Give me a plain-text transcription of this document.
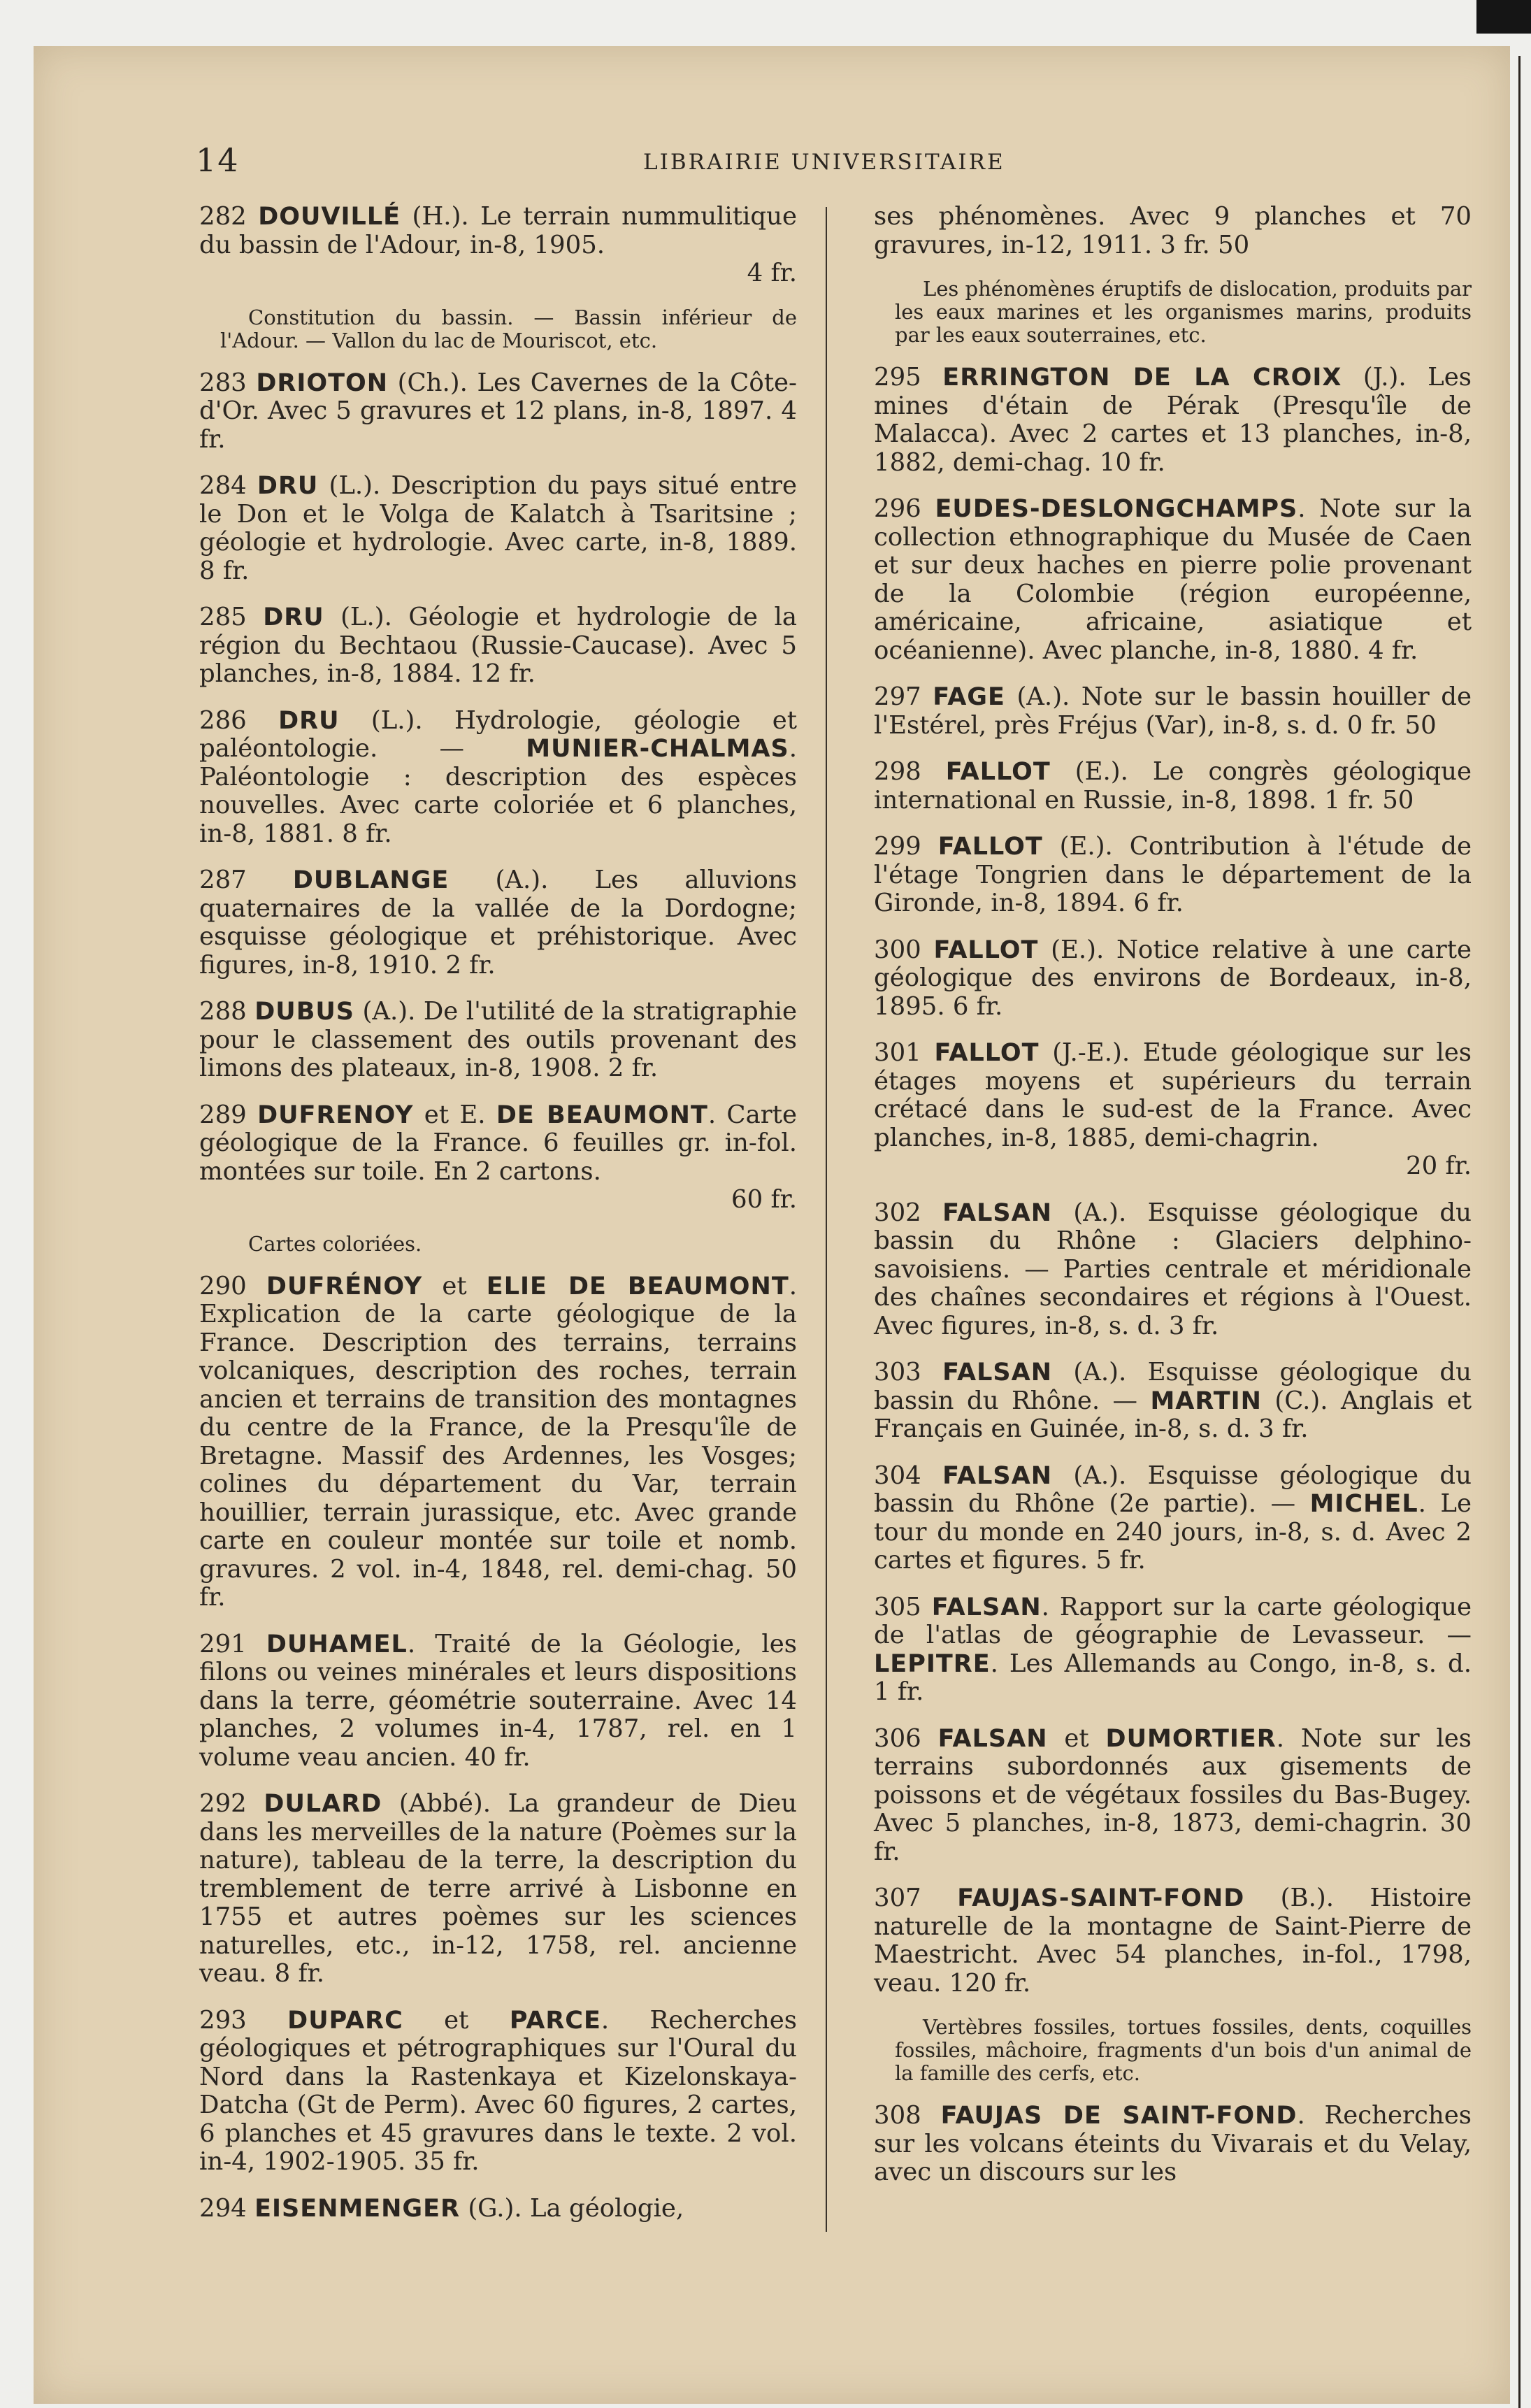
14	LIBRAIRIE UNIVERSITAIRE
282 DOUVILLÉ (H.). Le terrain nummulitique du bassin de l'Adour, in-8, 1905.
4 fr.
Constitution du bassin. — Bassin inférieur de l'Adour. — Vallon du lac de Mouriscot, etc.
283 DRIOTON (Ch.). Les Cavernes de la Côte-d'Or. Avec 5 gravures et 12 plans, in-8, 1897. 4 fr.
284 DRU (L.). Description du pays situé entre le Don et le Volga de Kalatch à Tsaritsine ; géologie et hydrologie. Avec carte, in-8, 1889. 8 fr.
285 DRU (L.). Géologie et hydrologie de la région du Bechtaou (Russie-Caucase). Avec 5 planches, in-8, 1884. 12 fr.
286 DRU (L.). Hydrologie, géologie et paléontologie. — MUNIER-CHALMAS. Paléontologie : description des espèces nouvelles. Avec carte coloriée et 6 planches, in-8, 1881. 8 fr.
287 DUBLANGE (A.). Les alluvions quaternaires de la vallée de la Dordogne; esquisse géologique et préhistorique. Avec figures, in-8, 1910. 2 fr.
288 DUBUS (A.). De l'utilité de la stratigraphie pour le classement des outils provenant des limons des plateaux, in-8, 1908. 2 fr.
289 DUFRENOY et E. DE BEAUMONT. Carte géologique de la France. 6 feuilles gr. in-fol. montées sur toile. En 2 cartons.
60 fr.
Cartes coloriées.
290 DUFRÉNOY et ELIE DE BEAUMONT. Explication de la carte géologique de la France. Description des terrains, terrains volcaniques, description des roches, terrain ancien et terrains de transition des montagnes du centre de la France, de la Presqu'île de Bretagne. Massif des Ardennes, les Vosges; colines du département du Var, terrain houillier, terrain jurassique, etc. Avec grande carte en couleur montée sur toile et nomb. gravures. 2 vol. in-4, 1848, rel. demi-chag. 50 fr.
291 DUHAMEL. Traité de la Géologie, les filons ou veines minérales et leurs dispositions dans la terre, géométrie souterraine. Avec 14 planches, 2 volumes in-4, 1787, rel. en 1 volume veau ancien. 40 fr.
292 DULARD (Abbé). La grandeur de Dieu dans les merveilles de la nature (Poèmes sur la nature), tableau de la terre, la description du tremblement de terre arrivé à Lisbonne en 1755 et autres poèmes sur les sciences naturelles, etc., in-12, 1758, rel. ancienne veau. 8 fr.
293 DUPARC et PARCE. Recherches géologiques et pétrographiques sur l'Oural du Nord dans la Rastenkaya et Kizelonskaya-Datcha (Gt de Perm). Avec 60 figures, 2 cartes, 6 planches et 45 gravures dans le texte. 2 vol. in-4, 1902-1905. 35 fr.
294 EISENMENGER (G.). La géologie,
ses phénomènes. Avec 9 planches et 70 gravures, in-12, 1911. 3 fr. 50
Les phénomènes éruptifs de dislocation, produits par les eaux marines et les organismes marins, produits par les eaux souterraines, etc.
295 ERRINGTON DE LA CROIX (J.). Les mines d'étain de Pérak (Presqu'île de Malacca). Avec 2 cartes et 13 planches, in-8, 1882, demi-chag. 10 fr.
296 EUDES-DESLONGCHAMPS. Note sur la collection ethnographique du Musée de Caen et sur deux haches en pierre polie provenant de la Colombie (région européenne, américaine, africaine, asiatique et océanienne). Avec planche, in-8, 1880. 4 fr.
297 FAGE (A.). Note sur le bassin houiller de l'Estérel, près Fréjus (Var), in-8, s. d. 0 fr. 50
298 FALLOT (E.). Le congrès géologique international en Russie, in-8, 1898. 1 fr. 50
299 FALLOT (E.). Contribution à l'étude de l'étage Tongrien dans le département de la Gironde, in-8, 1894. 6 fr.
300 FALLOT (E.). Notice relative à une carte géologique des environs de Bordeaux, in-8, 1895. 6 fr.
301 FALLOT (J.-E.). Etude géologique sur les étages moyens et supérieurs du terrain crétacé dans le sud-est de la France. Avec planches, in-8, 1885, demi-chagrin.
20 fr.
302 FALSAN (A.). Esquisse géologique du bassin du Rhône : Glaciers delphino-savoisiens. — Parties centrale et méridionale des chaînes secondaires et régions à l'Ouest. Avec figures, in-8, s. d. 3 fr.
303 FALSAN (A.). Esquisse géologique du bassin du Rhône. — MARTIN (C.). Anglais et Français en Guinée, in-8, s. d. 3 fr.
304 FALSAN (A.). Esquisse géologique du bassin du Rhône (2e partie). — MICHEL. Le tour du monde en 240 jours, in-8, s. d. Avec 2 cartes et figures. 5 fr.
305 FALSAN. Rapport sur la carte géologique de l'atlas de géographie de Levasseur. — LEPITRE. Les Allemands au Congo, in-8, s. d. 1 fr.
306 FALSAN et DUMORTIER. Note sur les terrains subordonnés aux gisements de poissons et de végétaux fossiles du Bas-Bugey. Avec 5 planches, in-8, 1873, demi-chagrin. 30 fr.
307 FAUJAS-SAINT-FOND (B.). Histoire naturelle de la montagne de Saint-Pierre de Maestricht. Avec 54 planches, in-fol., 1798, veau. 120 fr.
Vertèbres fossiles, tortues fossiles, dents, coquilles fossiles, mâchoire, fragments d'un bois d'un animal de la famille des cerfs, etc.
308 FAUJAS DE SAINT-FOND. Recherches sur les volcans éteints du Vivarais et du Velay, avec un discours sur les
